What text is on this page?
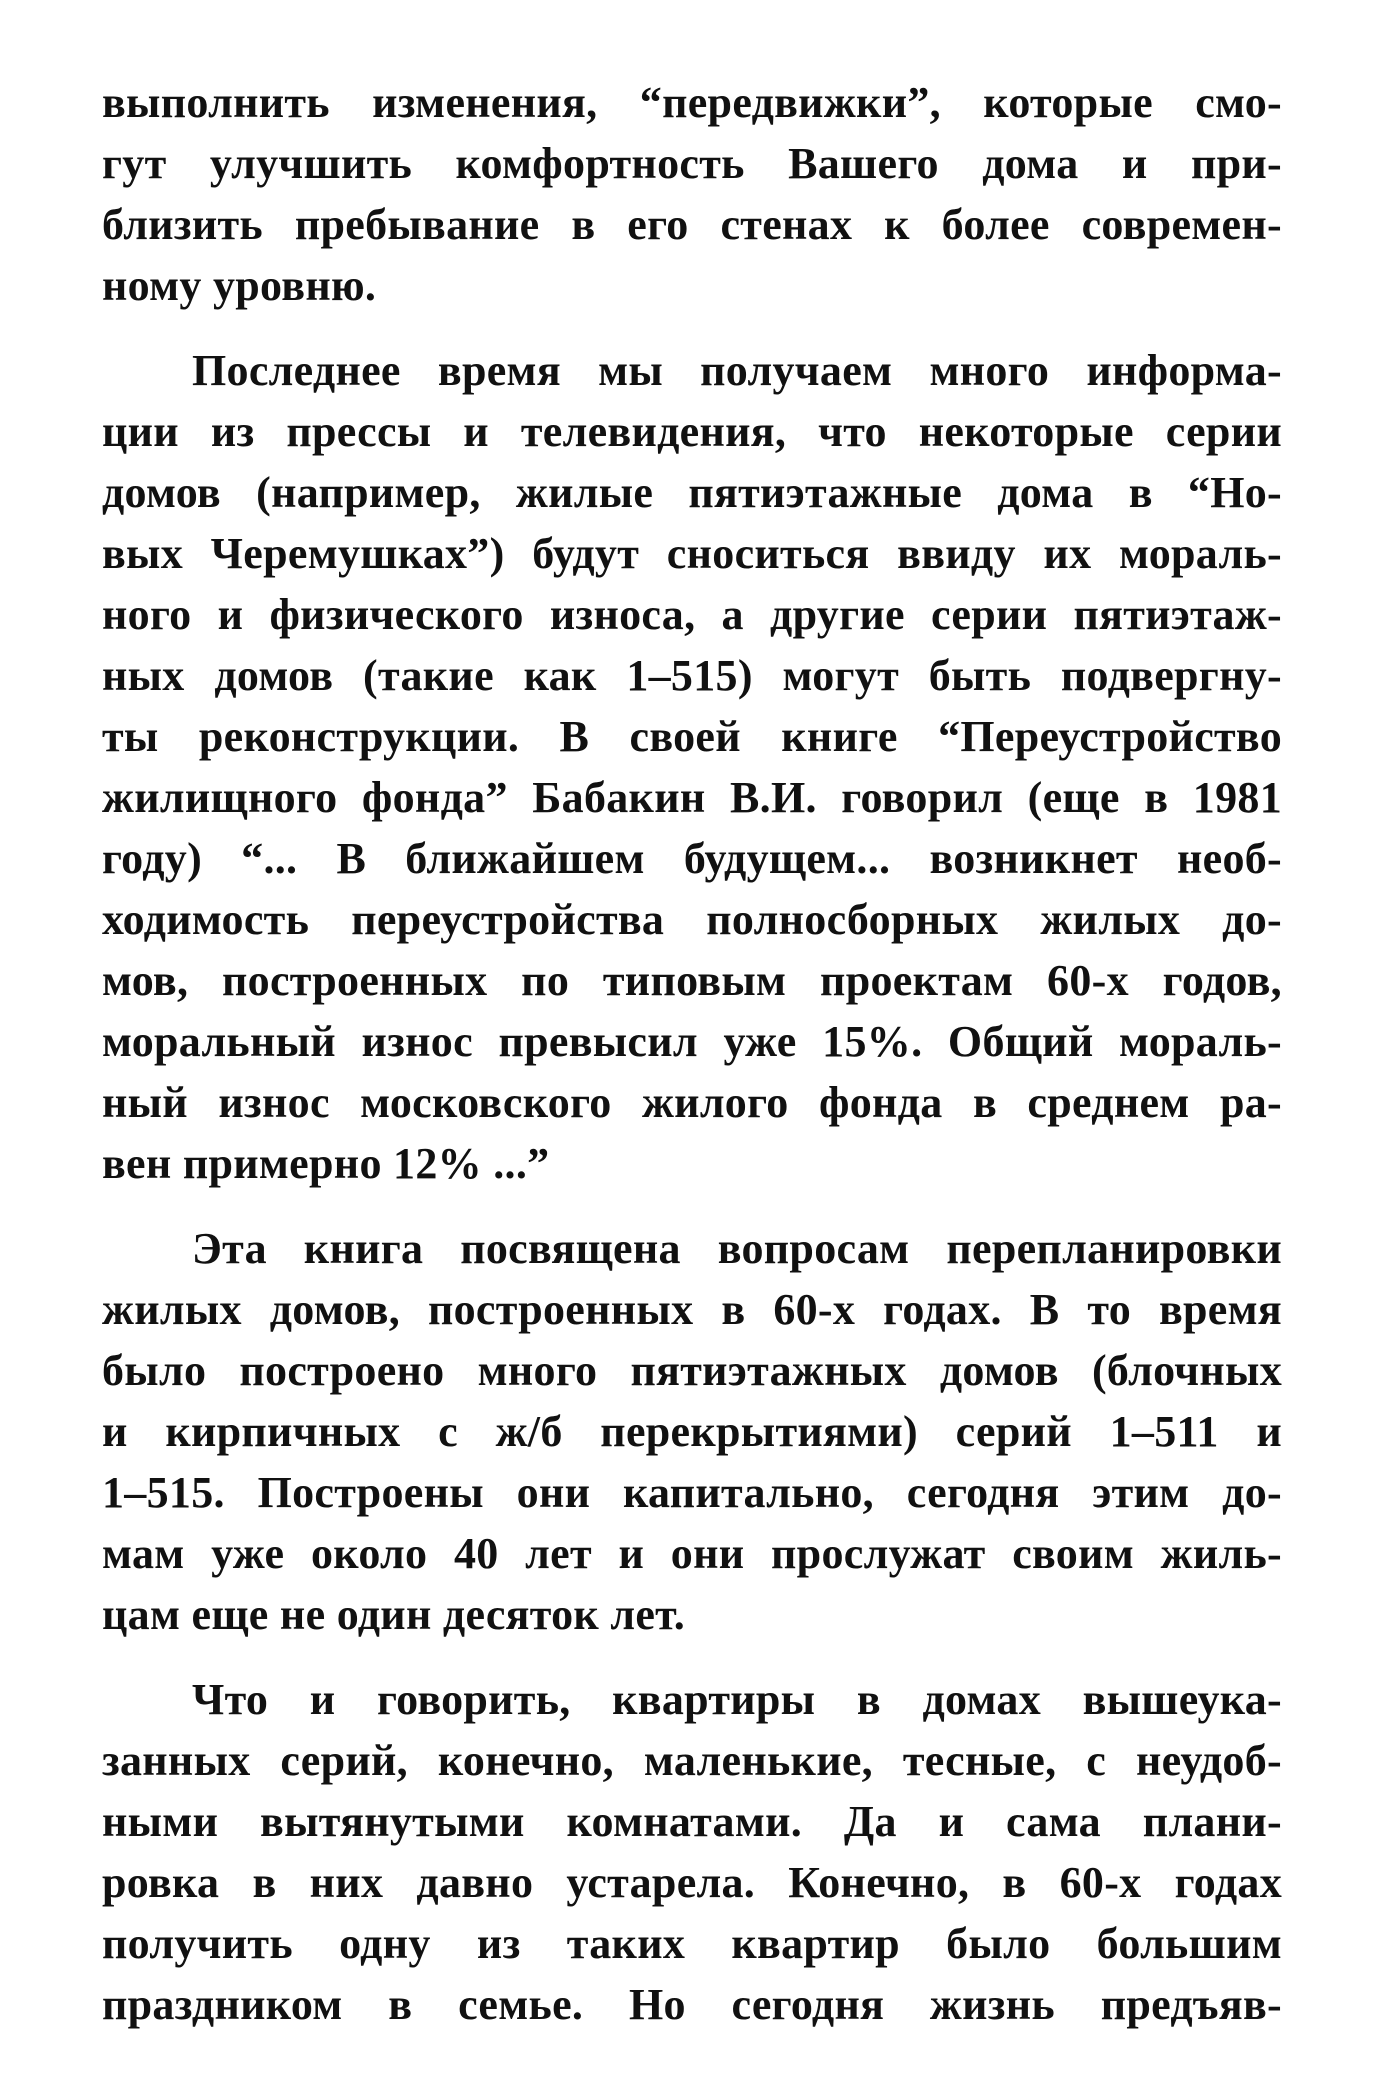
выполнить изменения, “передвижки”, которые смо-
гут улучшить комфортность Вашего дома и при-
близить пребывание в его стенах к более современ-
ному уровню.
Последнее время мы получаем много информа-
ции из прессы и телевидения, что некоторые серии
домов (например, жилые пятиэтажные дома в “Но-
вых Черемушках”) будут сноситься ввиду их мораль-
ного и физического износа, а другие серии пятиэтаж-
ных домов (такие как 1–515) могут быть подвергну-
ты реконструкции. В своей книге “Переустройство
жилищного фонда” Бабакин В.И. говорил (еще в 1981
году) “... В ближайшем будущем... возникнет необ-
ходимость переустройства полносборных жилых до-
мов, построенных по типовым проектам 60-х годов,
моральный износ превысил уже 15%. Общий мораль-
ный износ московского жилого фонда в среднем ра-
вен примерно 12% ...”
Эта книга посвящена вопросам перепланировки
жилых домов, построенных в 60-х годах. В то время
было построено много пятиэтажных домов (блочных
и кирпичных с ж/б перекрытиями) серий 1–511 и
1–515. Построены они капитально, сегодня этим до-
мам уже около 40 лет и они прослужат своим жиль-
цам еще не один десяток лет.
Что и говорить, квартиры в домах вышеука-
занных серий, конечно, маленькие, тесные, с неудоб-
ными вытянутыми комнатами. Да и сама плани-
ровка в них давно устарела. Конечно, в 60-х годах
получить одну из таких квартир было большим
праздником в семье. Но сегодня жизнь предъяв-
